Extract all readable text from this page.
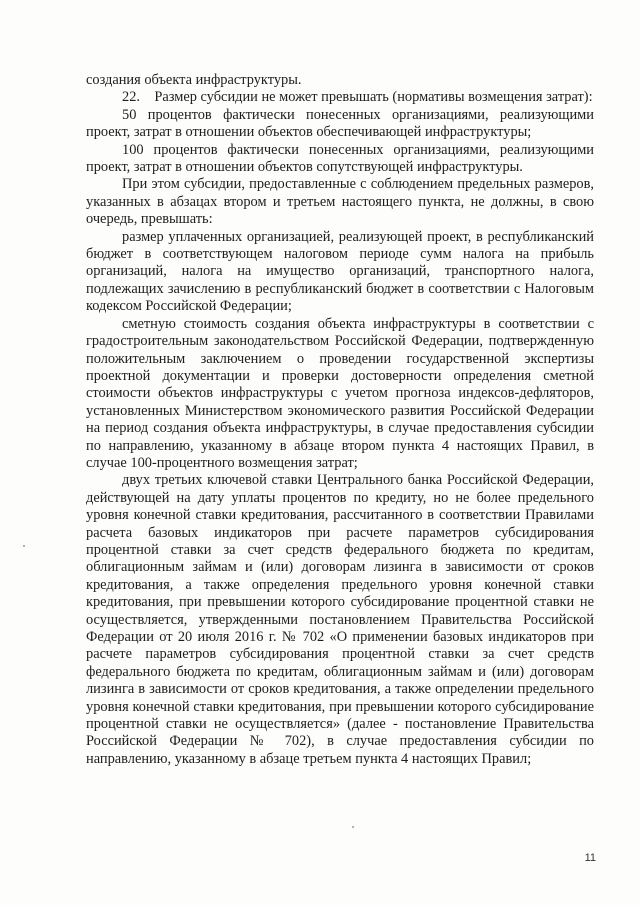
создания объекта инфраструктуры.

22. Размер субсидии не может превышать (нормативы возмещения затрат):

50 процентов фактически понесенных организациями, реализующими проект, затрат в отношении объектов обеспечивающей инфраструктуры;

100 процентов фактически понесенных организациями, реализующими проект, затрат в отношении объектов сопутствующей инфраструктуры.

При этом субсидии, предоставленные с соблюдением предельных размеров, указанных в абзацах втором и третьем настоящего пункта, не должны, в свою очередь, превышать:

размер уплаченных организацией, реализующей проект, в республиканский бюджет в соответствующем налоговом периоде сумм налога на прибыль организаций, налога на имущество организаций, транспортного налога, подлежащих зачислению в республиканский бюджет в соответствии с Налоговым кодексом Российской Федерации;

сметную стоимость создания объекта инфраструктуры в соответствии с градостроительным законодательством Российской Федерации, подтвержденную положительным заключением о проведении государственной экспертизы проектной документации и проверки достоверности определения сметной стоимости объектов инфраструктуры с учетом прогноза индексов-дефляторов, установленных Министерством экономического развития Российской Федерации на период создания объекта инфраструктуры, в случае предоставления субсидии по направлению, указанному в абзаце втором пункта 4 настоящих Правил, в случае 100-процентного возмещения затрат;

двух третьих ключевой ставки Центрального банка Российской Федерации, действующей на дату уплаты процентов по кредиту, но не более предельного уровня конечной ставки кредитования, рассчитанного в соответствии Правилами расчета базовых индикаторов при расчете параметров субсидирования процентной ставки за счет средств федерального бюджета по кредитам, облигационным займам и (или) договорам лизинга в зависимости от сроков кредитования, а также определения предельного уровня конечной ставки кредитования, при превышении которого субсидирование процентной ставки не осуществляется, утвержденными постановлением Правительства Российской Федерации от 20 июля 2016 г. № 702 «О применении базовых индикаторов при расчете параметров субсидирования процентной ставки за счет средств федерального бюджета по кредитам, облигационным займам и (или) договорам лизинга в зависимости от сроков кредитования, а также определении предельного уровня конечной ставки кредитования, при превышении которого субсидирование процентной ставки не осуществляется» (далее - постановление Правительства Российской Федерации № 702), в случае предоставления субсидии по направлению, указанному в абзаце третьем пункта 4 настоящих Правил;

11
